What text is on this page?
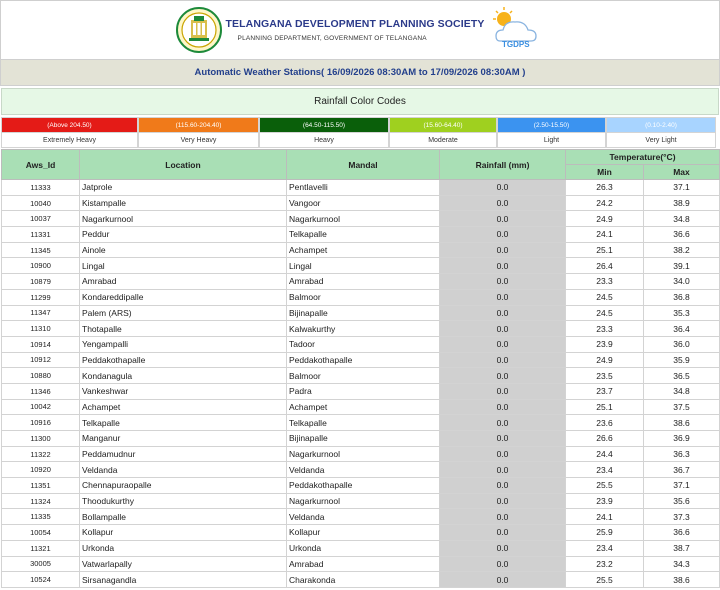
TELANGANA DEVELOPMENT PLANNING SOCIETY
PLANNING DEPARTMENT, GOVERNMENT OF TELANGANA
TGDPS
Automatic Weather Stations( 16/09/2026 08:30AM to 17/09/2026 08:30AM )
Rainfall Color Codes
(Above 204.50)
Extremely Heavy
(115.60-204.40)
Very Heavy
(64.50-115.50)
Heavy
(15.60-64.40)
Moderate
(2.50-15.50)
Light
(0.10-2.40)
Very Light
Aws_Id	Location	Mandal	Rainfall (mm)	Temperature(°C)	
				Min	Max
11333	Jatprole	Pentlavelli	0.0	26.3	37.1
10040	Kistampalle	Vangoor	0.0	24.2	38.9
10037	Nagarkurnool	Nagarkurnool	0.0	24.9	34.8
11331	Peddur	Telkapalle	0.0	24.1	36.6
11345	Ainole	Achampet	0.0	25.1	38.2
10900	Lingal	Lingal	0.0	26.4	39.1
10879	Amrabad	Amrabad	0.0	23.3	34.0
11299	Kondareddipalle	Balmoor	0.0	24.5	36.8
11347	Palem (ARS)	Bijinapalle	0.0	24.5	35.3
11310	Thotapalle	Kalwakurthy	0.0	23.3	36.4
10914	Yengampalli	Tadoor	0.0	23.9	36.0
10912	Peddakothapalle	Peddakothapalle	0.0	24.9	35.9
10880	Kondanagula	Balmoor	0.0	23.5	36.5
11346	Vankeshwar	Padra	0.0	23.7	34.8
10042	Achampet	Achampet	0.0	25.1	37.5
10916	Telkapalle	Telkapalle	0.0	23.6	38.6
11300	Manganur	Bijinapalle	0.0	26.6	36.9
11322	Peddamudnur	Nagarkurnool	0.0	24.4	36.3
10920	Veldanda	Veldanda	0.0	23.4	36.7
11351	Chennapuraopalle	Peddakothapalle	0.0	25.5	37.1
11324	Thoodukurthy	Nagarkurnool	0.0	23.9	35.6
11335	Bollampalle	Veldanda	0.0	24.1	37.3
10054	Kollapur	Kollapur	0.0	25.9	36.6
11321	Urkonda	Urkonda	0.0	23.4	38.7
30005	Vatwarlapally	Amrabad	0.0	23.2	34.3
10524	Sirsanagandla	Charakonda	0.0	25.5	38.6
